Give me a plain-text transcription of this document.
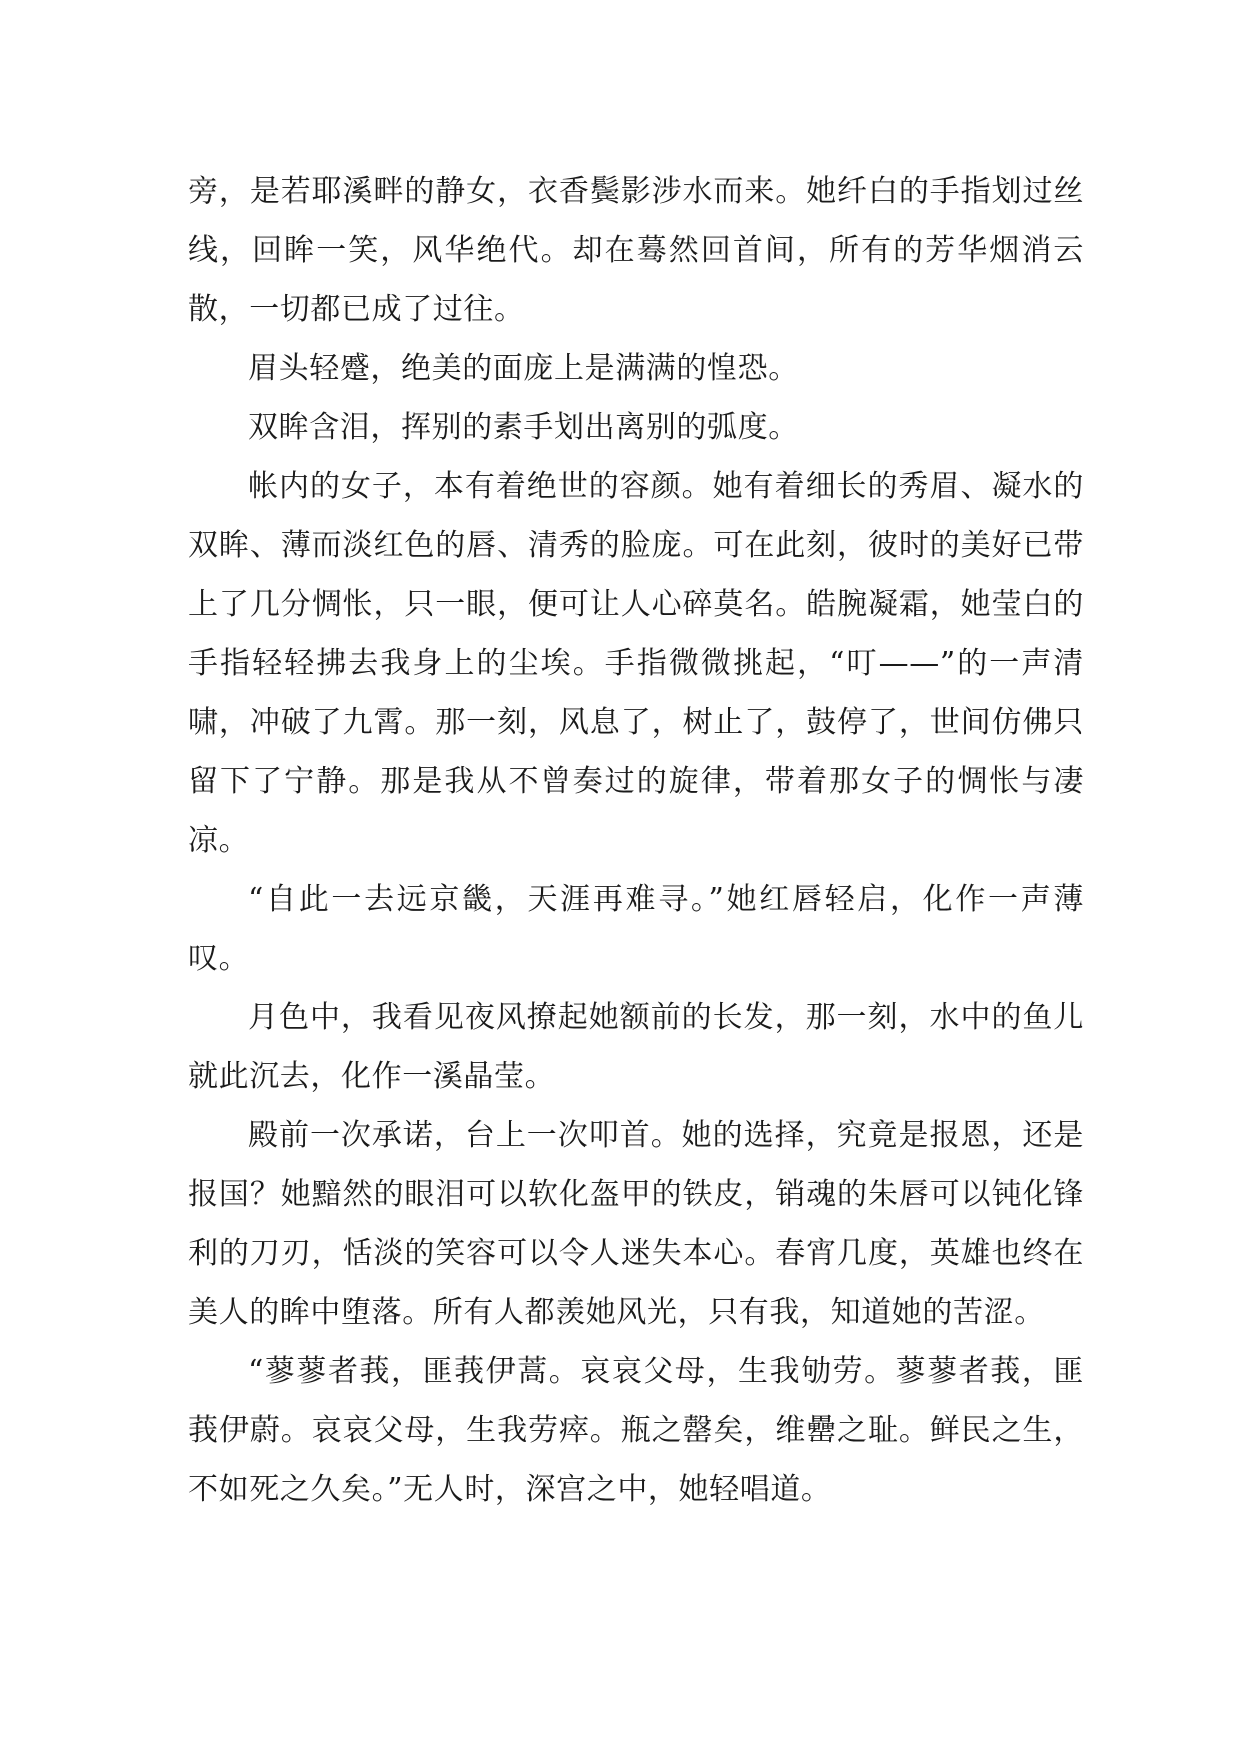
旁，是若耶溪畔的静女，衣香鬓影涉水而来。她纤白的手指划过丝线，回眸一笑，风华绝代。却在蓦然回首间，所有的芳华烟消云散，一切都已成了过往。

眉头轻蹙，绝美的面庞上是满满的惶恐。

双眸含泪，挥别的素手划出离别的弧度。

帐内的女子，本有着绝世的容颜。她有着细长的秀眉、凝水的双眸、薄而淡红色的唇、清秀的脸庞。可在此刻，彼时的美好已带上了几分惆怅，只一眼，便可让人心碎莫名。皓腕凝霜，她莹白的手指轻轻拂去我身上的尘埃。手指微微挑起，“叮——”的一声清啸，冲破了九霄。那一刻，风息了，树止了，鼓停了，世间仿佛只留下了宁静。那是我从不曾奏过的旋律，带着那女子的惆怅与凄凉。

“自此一去远京畿，天涯再难寻。”她红唇轻启，化作一声薄叹。

月色中，我看见夜风撩起她额前的长发，那一刻，水中的鱼儿就此沉去，化作一溪晶莹。

殿前一次承诺，台上一次叩首。她的选择，究竟是报恩，还是报国？她黯然的眼泪可以软化盔甲的铁皮，销魂的朱唇可以钝化锋利的刀刃，恬淡的笑容可以令人迷失本心。春宵几度，英雄也终在美人的眸中堕落。所有人都羡她风光，只有我，知道她的苦涩。

“蓼蓼者莪，匪莪伊蒿。哀哀父母，生我劬劳。蓼蓼者莪，匪莪伊蔚。哀哀父母，生我劳瘁。瓶之罄矣，维罍之耻。鲜民之生，不如死之久矣。”无人时，深宫之中，她轻唱道。
